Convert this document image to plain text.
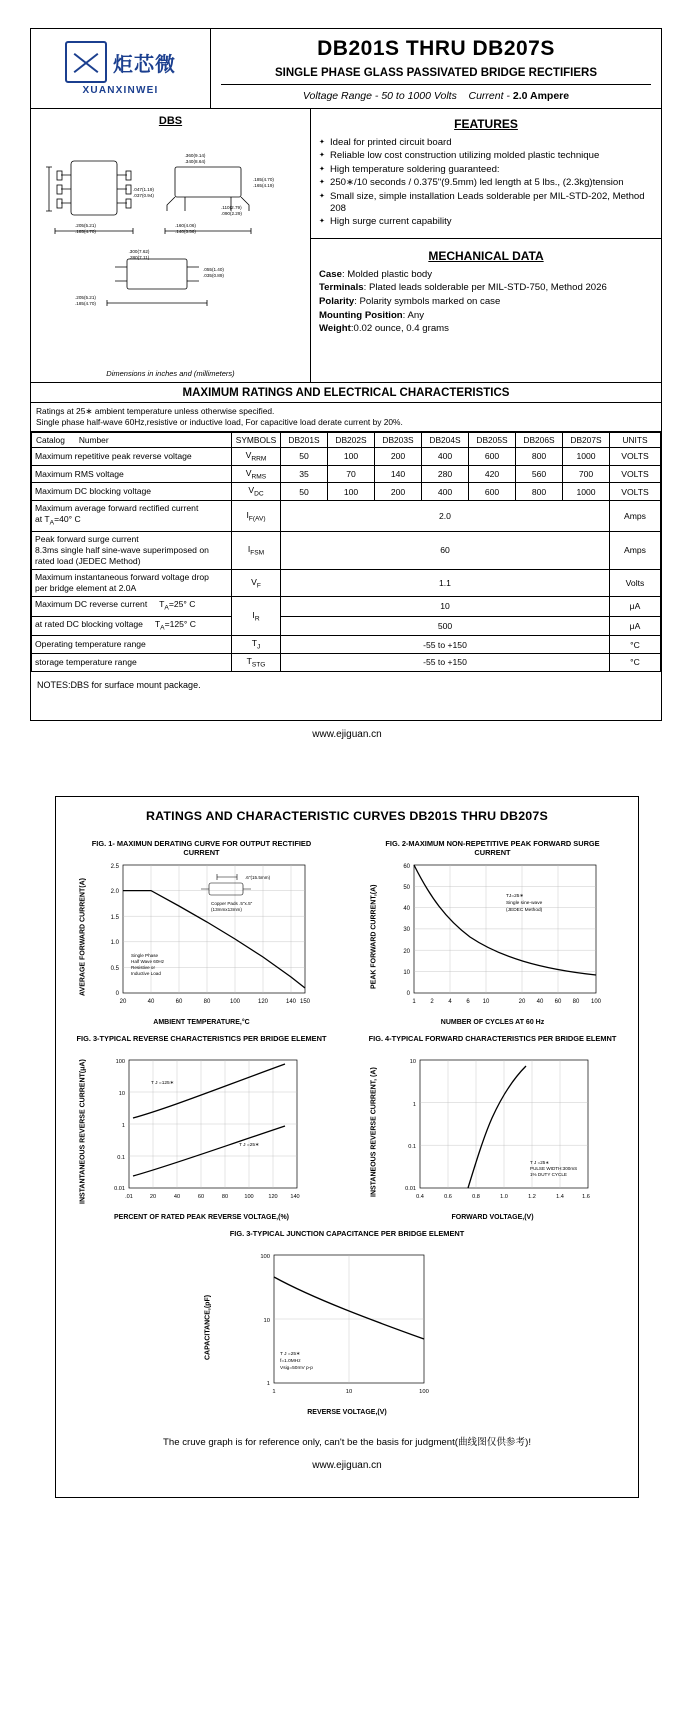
炬芯微
XUANXINWEI
DB201S THRU DB207S
SINGLE PHASE GLASS PASSIVATED BRIDGE RECTIFIERS
Voltage Range - 50 to 1000 Volts Current - 2.0 Ampere
DBS
.360(9.14)
.340(8.64)
.185(4.70)
.165(4.19)
.110(2.79)
.090(2.29)
.047(1.19)
.037(0.94)
.205(5.21)
.185(4.70)
.160(4.06)
.140(3.56)
.300(7.62)
.280(7.11)
.055(1.40)
.035(0.89)
.205(5.21)
.185(4.70)
Dimensions in inches and (millimeters)
FEATURES
✦ Ideal for printed circuit board
✦ Reliable low cost construction utilizing molded plastic technique
✦ High temperature soldering guaranteed:
✦ 250∗/10 seconds / 0.375"(9.5mm) led length at 5 lbs., (2.3kg)tension
✦ Small size, simple installation Leads solderable per MIL-STD-202, Method 208
✦ High surge current capability
MECHANICAL DATA

Case: Molded plastic body

Terminals: Plated leads solderable per MIL-STD-750, Method 2026

Polarity: Polarity symbols marked on case

Mounting Position: Any

Weight:0.02 ounce, 0.4 grams

MAXIMUM RATINGS AND ELECTRICAL CHARACTERISTICS
Ratings at 25∗ ambient temperature unless otherwise specified.
Single phase half-wave 60Hz,resistive or inductive load, For capacitive load derate current by 20%.
Catalog Number	SYMBOLS	DB201S	DB202S	DB203S	DB204S	DB205S	DB206S	DB207S	UNITS
Maximum repetitive peak reverse voltage	$V_{RRM}$	50	100	200	400	600	800	1000	VOLTS
Maximum RMS voltage	$V_{RMS}$	35	70	140	280	420	560	700	VOLTS
Maximum DC blocking voltage	$V_{DC}$	50	100	200	400	600	800	1000	VOLTS
Maximum average forward rectified current
at $T_A=40^\circ$ C	$I_{F(AV)}$	2.0							Amps
Peak forward surge current
8.3ms single half sine-wave superimposed on
rated load (JEDEC Method)	$I_{FSM}$	60							Amps
Maximum instantaneous forward voltage drop
per bridge element at 2.0A	$V_F$	1.1							Volts
Maximum DC reverse current     $T_A=25^\circ$ C	$I_R$	10							μA
at rated DC blocking voltage     $T_A=125^\circ$ C		500							μA
Operating temperature range	$T_J$	-55 to +150							°C
storage temperature range	$T_{STG}$	-55 to +150							°C
NOTES:DBS for surface mount package.
www.ejiguan.cn
RATINGS AND CHARACTERISTIC CURVES DB201S THRU DB207S
FIG. 1- MAXIMUN DERATING CURVE FOR OUTPUT RECTIFIED CURRENT
AVERAGE FORWARD CURRENT(A)	0
0.5
1.0
1.5
2.0
2.5
20	40	60	80	100	120	140 150
.6"(15.5mm)
Copper Pads .5"x.5"
(13mmx13mm)
Single Phase
Half Wave 60Hz
Resistive or
Inductive Load
AMBIENT TEMPERATURE,°C
FIG. 2-MAXIMUM NON-REPETITIVE PEAK FORWARD SURGE CURRENT
PEAK FORWARD CURRENT,(A)
0
10
20
30
40
50
60
1 2 4 6 10	20 40 60 80 100
TJ=25∗
Single sine-wave
(JEDEC Method)
NUMBER OF CYCLES AT 60 Hz
FIG. 3-TYPICAL REVERSE CHARACTERISTICS PER BRIDGE ELEMENT
INSTANTANEOUS REVERSE CURRENT(μA)	100
10
1
0.1
0.01
.01	20	40	60	80	100	120 140
T J =125∗
T J =25∗
PERCENT OF RATED PEAK REVERSE VOLTAGE,(%)
FIG. 4-TYPICAL FORWARD CHARACTERISTICS PER BRIDGE ELEMNT
INSTANEOUS REVERSE CURRENT, (A)
10
1
0.1
0.01
0.4	0.6	0.8	1.0	1.2	1.4	1.6
T J =25∗
PULSE WIDTH:300mS
1% DUTY CYCLE
FORWARD VOLTAGE,(V)
FIG. 3-TYPICAL JUNCTION CAPACITANCE PER BRIDGE ELEMENT
CAPACITANCE,(pF)
100
10
1
1	10	100
T J =25∗
f=1.0MHz
Vsig=50mV p-p
REVERSE VOLTAGE,(V)
The cruve graph is for reference only, can't be the basis for judgment(曲线图仅供参考)!
www.ejiguan.cn
